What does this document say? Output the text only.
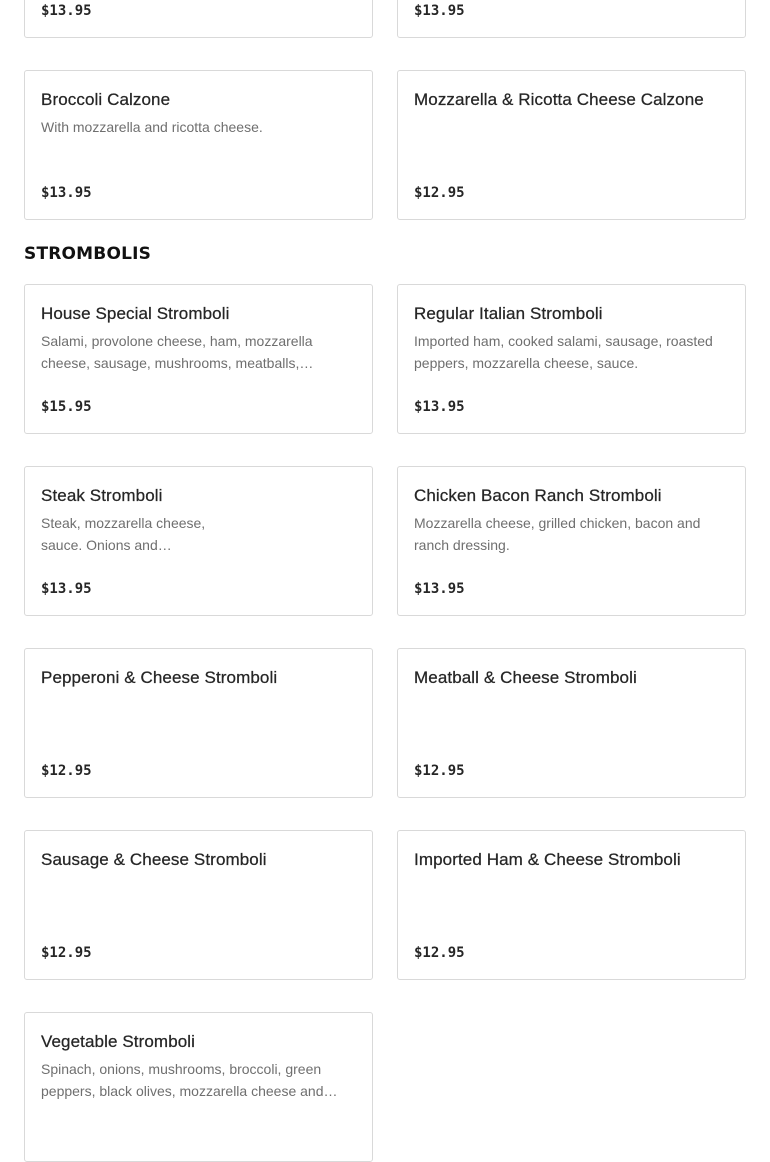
$13.95	$13.95
Broccoli Calzone
With mozzarella and ricotta cheese.
$13.95
Mozzarella & Ricotta Cheese Calzone
$12.95
STROMBOLIS
House Special Stromboli
Salami, provolone cheese, ham, mozzarella cheese, sausage, mushrooms, meatballs,…
$15.95
Regular Italian Stromboli
Imported ham, cooked salami, sausage, roasted peppers, mozzarella cheese, sauce.
$13.95
Steak Stromboli
Steak, mozzarella cheese,
sauce. Onions and…
$13.95
Chicken Bacon Ranch Stromboli
Mozzarella cheese, grilled chicken, bacon and ranch dressing.
$13.95
Pepperoni & Cheese Stromboli
$12.95
Meatball & Cheese Stromboli
$12.95
Sausage & Cheese Stromboli
$12.95
Imported Ham & Cheese Stromboli
$12.95
Vegetable Stromboli
Spinach, onions, mushrooms, broccoli, green peppers, black olives, mozzarella cheese and…
